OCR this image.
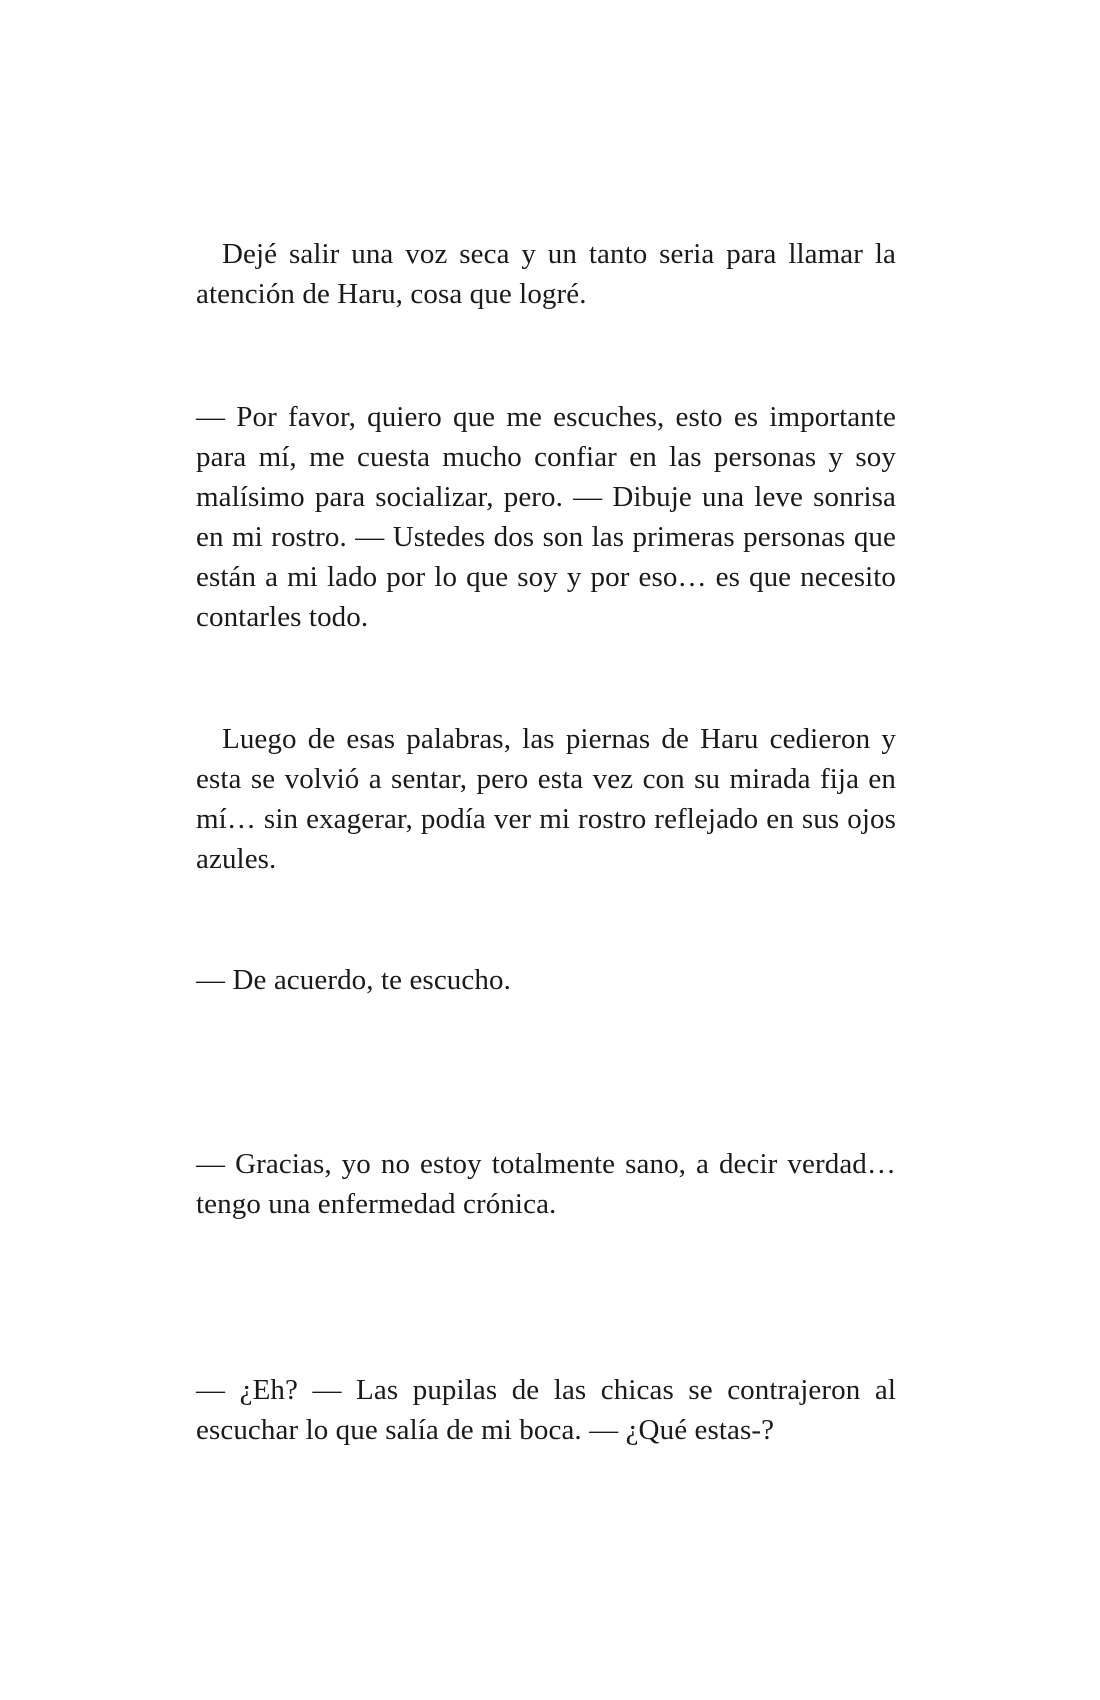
Dejé salir una voz seca y un tanto seria para llamar la atención de Haru, cosa que logré.

— Por favor, quiero que me escuches, esto es importante para mí, me cuesta mucho confiar en las personas y soy malísimo para socializar, pero. — Dibuje una leve sonrisa en mi rostro. — Ustedes dos son las primeras personas que están a mi lado por lo que soy y por eso… es que necesito contarles todo.

Luego de esas palabras, las piernas de Haru cedieron y esta se volvió a sentar, pero esta vez con su mirada fija en mí… sin exagerar, podía ver mi rostro reflejado en sus ojos azules.

— De acuerdo, te escucho.

— Gracias, yo no estoy totalmente sano, a decir verdad… tengo una enfermedad crónica.

— ¿Eh? — Las pupilas de las chicas se contrajeron al escuchar lo que salía de mi boca. — ¿Qué estas-?
